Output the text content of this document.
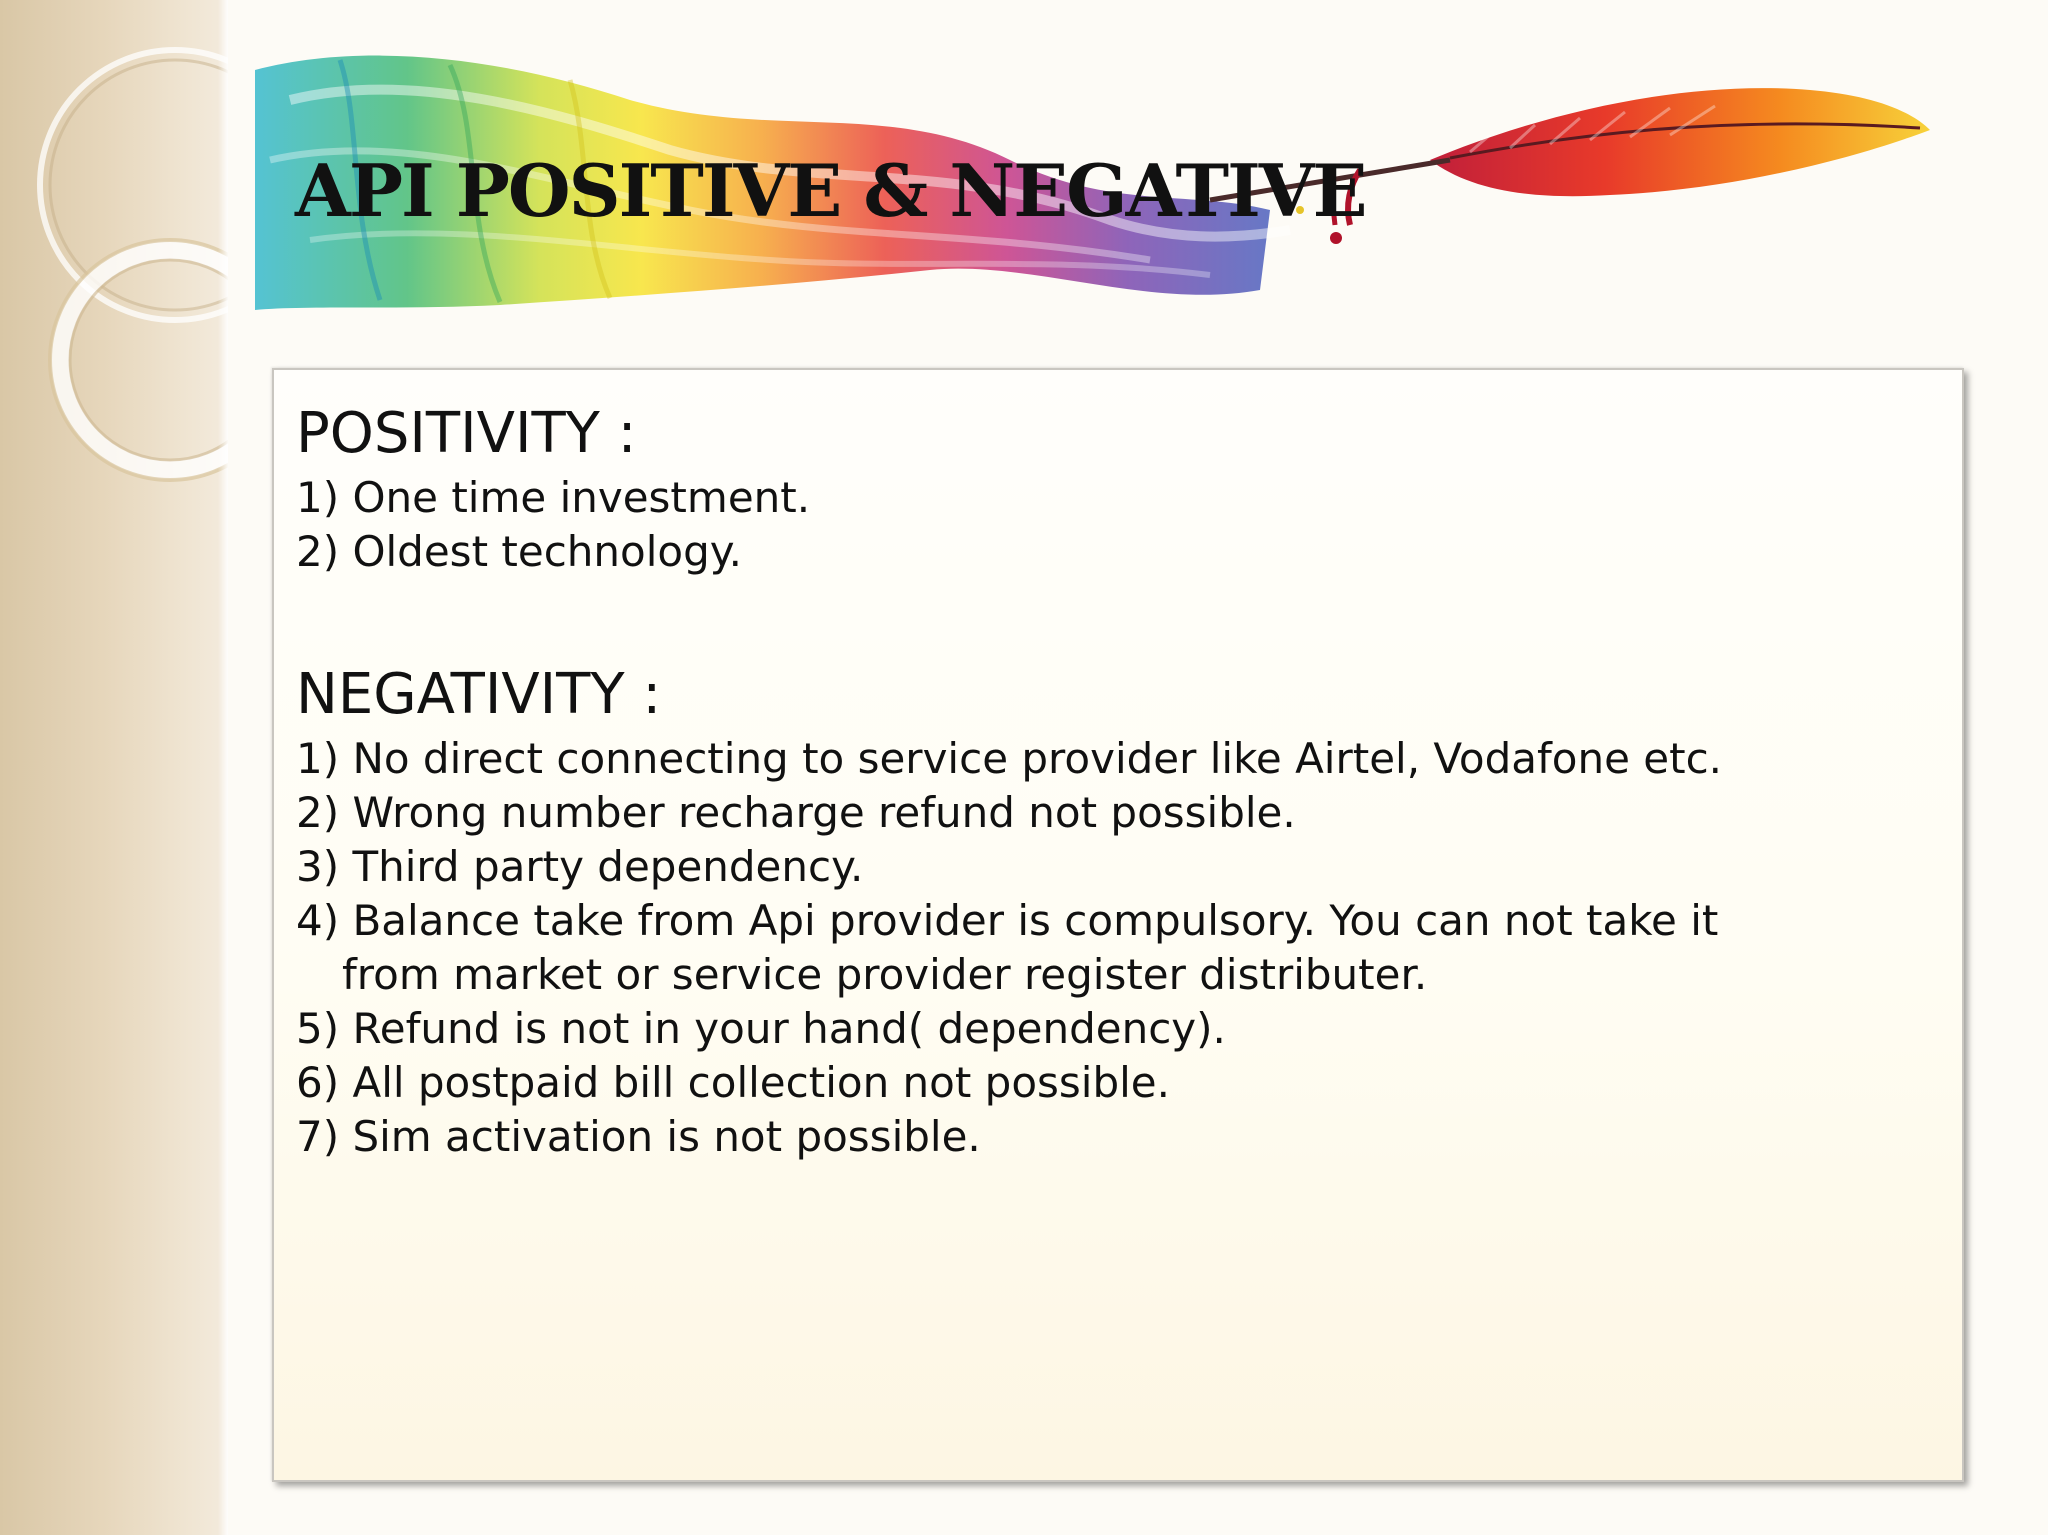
API POSITIVE & NEGATIVE
POSITIVITY :
1) One time investment.
2) Oldest technology.
NEGATIVITY :
1) No direct connecting to service provider like Airtel, Vodafone etc.
2) Wrong number recharge refund not possible.
3) Third party dependency.
4) Balance take from Api provider is compulsory. You can not take it from market or service provider register distributer.
5) Refund is not in your hand( dependency).
6) All postpaid bill collection not possible.
7) Sim activation is not possible.
